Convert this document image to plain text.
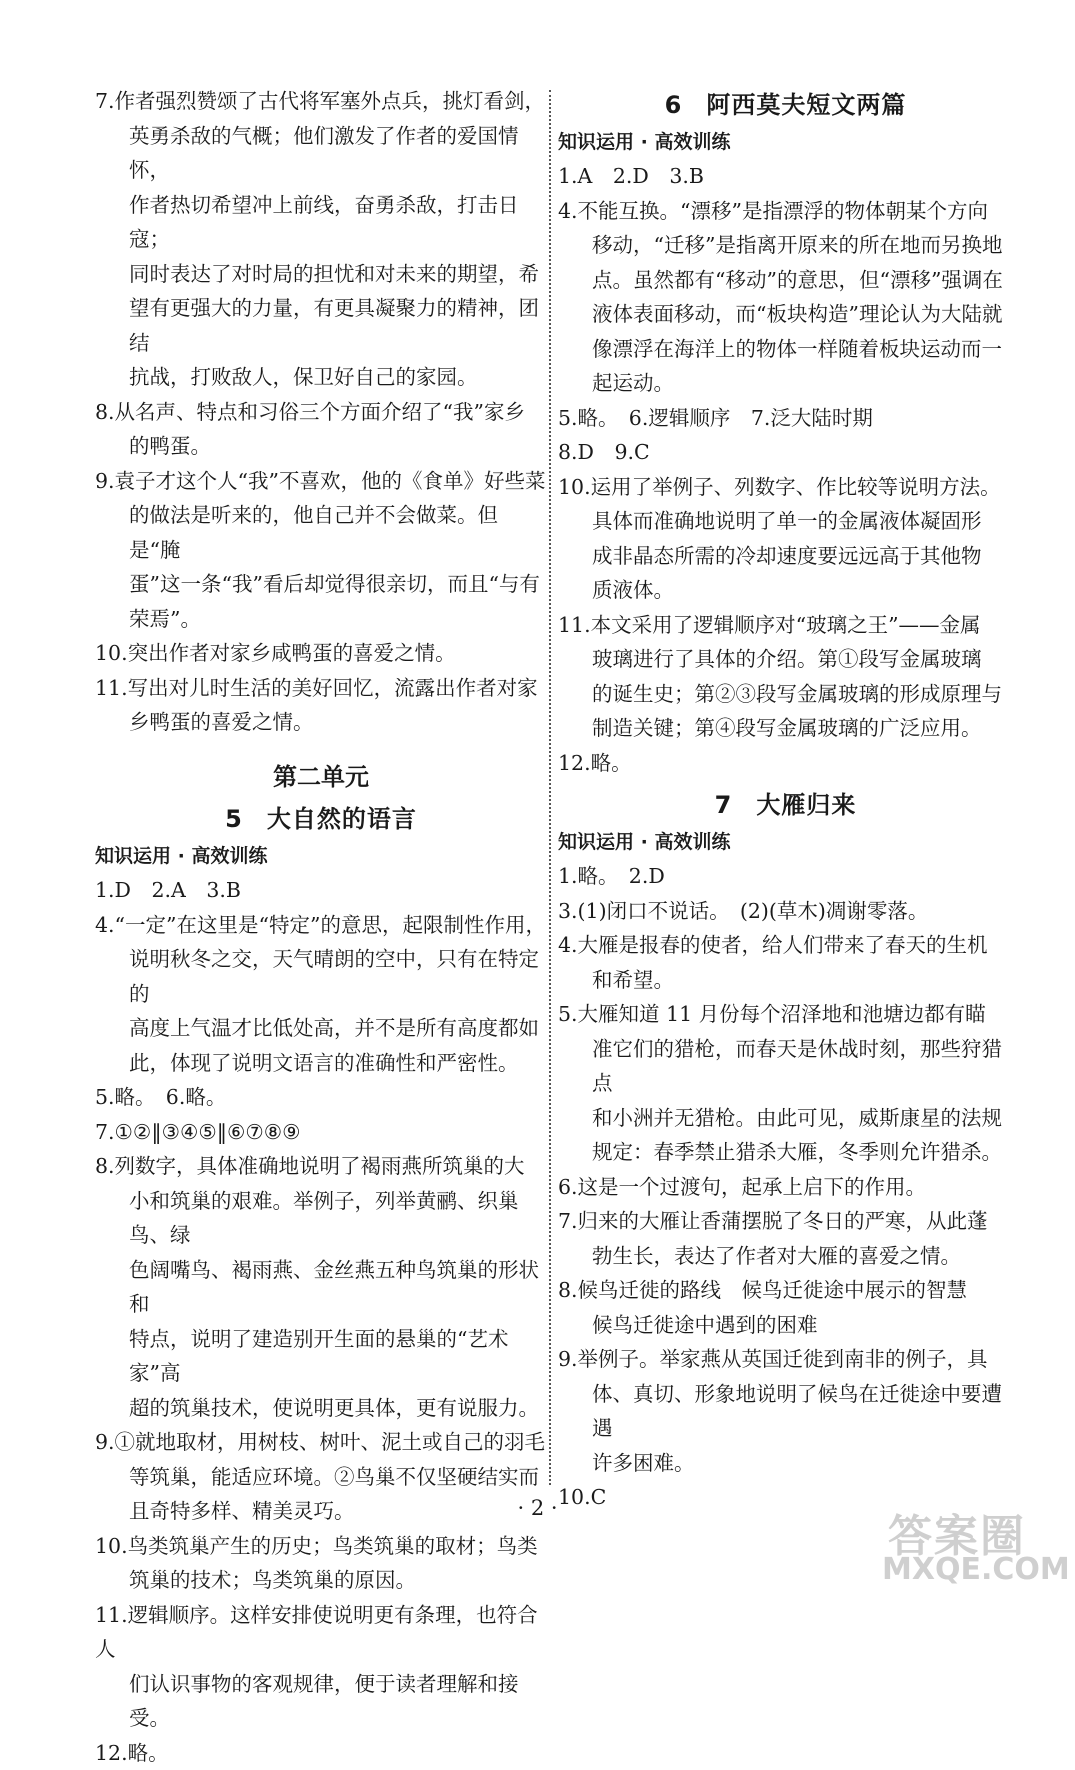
7.作者强烈赞颂了古代将军塞外点兵，挑灯看剑，
英勇杀敌的气概；他们激发了作者的爱国情怀，
作者热切希望冲上前线，奋勇杀敌，打击日寇；
同时表达了对时局的担忧和对未来的期望，希
望有更强大的力量，有更具凝聚力的精神，团结
抗战，打败敌人，保卫好自己的家园。
8.从名声、特点和习俗三个方面介绍了“我”家乡
的鸭蛋。
9.袁子才这个人“我”不喜欢，他的《食单》好些菜
的做法是听来的，他自己并不会做菜。但是“腌
蛋”这一条“我”看后却觉得很亲切，而且“与有
荣焉”。
10.突出作者对家乡咸鸭蛋的喜爱之情。
11.写出对儿时生活的美好回忆，流露出作者对家
乡鸭蛋的喜爱之情。
第二单元
5 大自然的语言
知识运用 · 高效训练
1.D　2.A　3.B
4.“一定”在这里是“特定”的意思，起限制性作用，
说明秋冬之交，天气晴朗的空中，只有在特定的
高度上气温才比低处高，并不是所有高度都如
此，体现了说明文语言的准确性和严密性。
5.略。　6.略。
7.①②‖③④⑤‖⑥⑦⑧⑨
8.列数字，具体准确地说明了褐雨燕所筑巢的大
小和筑巢的艰难。举例子，列举黄鹂、织巢鸟、绿
色阔嘴鸟、褐雨燕、金丝燕五种鸟筑巢的形状和
特点，说明了建造别开生面的悬巢的“艺术家”高
超的筑巢技术，使说明更具体，更有说服力。
9.①就地取材，用树枝、树叶、泥土或自己的羽毛
等筑巢，能适应环境。②鸟巢不仅坚硬结实而
且奇特多样、精美灵巧。
10.鸟类筑巢产生的历史；鸟类筑巢的取材；鸟类
筑巢的技术；鸟类筑巢的原因。
11.逻辑顺序。这样安排使说明更有条理，也符合人
们认识事物的客观规律，便于读者理解和接受。
12.略。
6 阿西莫夫短文两篇
知识运用 · 高效训练
1.A　2.D　3.B
4.不能互换。“漂移”是指漂浮的物体朝某个方向
移动，“迁移”是指离开原来的所在地而另换地
点。虽然都有“移动”的意思，但“漂移”强调在
液体表面移动，而“板块构造”理论认为大陆就
像漂浮在海洋上的物体一样随着板块运动而一
起运动。
5.略。　6.逻辑顺序　7.泛大陆时期
8.D　9.C
10.运用了举例子、列数字、作比较等说明方法。
具体而准确地说明了单一的金属液体凝固形
成非晶态所需的冷却速度要远远高于其他物
质液体。
11.本文采用了逻辑顺序对“玻璃之王”——金属
玻璃进行了具体的介绍。第①段写金属玻璃
的诞生史；第②③段写金属玻璃的形成原理与
制造关键；第④段写金属玻璃的广泛应用。
12.略。
7 大雁归来
知识运用 · 高效训练
1.略。　2.D
3.(1)闭口不说话。　(2)(草木)凋谢零落。
4.大雁是报春的使者，给人们带来了春天的生机
和希望。
5.大雁知道 11 月份每个沼泽地和池塘边都有瞄
准它们的猎枪，而春天是休战时刻，那些狩猎点
和小洲并无猎枪。由此可见，威斯康星的法规
规定：春季禁止猎杀大雁，冬季则允许猎杀。
6.这是一个过渡句，起承上启下的作用。
7.归来的大雁让香蒲摆脱了冬日的严寒，从此蓬
勃生长，表达了作者对大雁的喜爱之情。
8.候鸟迁徙的路线　候鸟迁徙途中展示的智慧
候鸟迁徙途中遇到的困难
9.举例子。举家燕从英国迁徙到南非的例子，具
体、真切、形象地说明了候鸟在迁徙途中要遭遇
许多困难。
10.C
· 2 ·
答案圈
MXQE.COM
